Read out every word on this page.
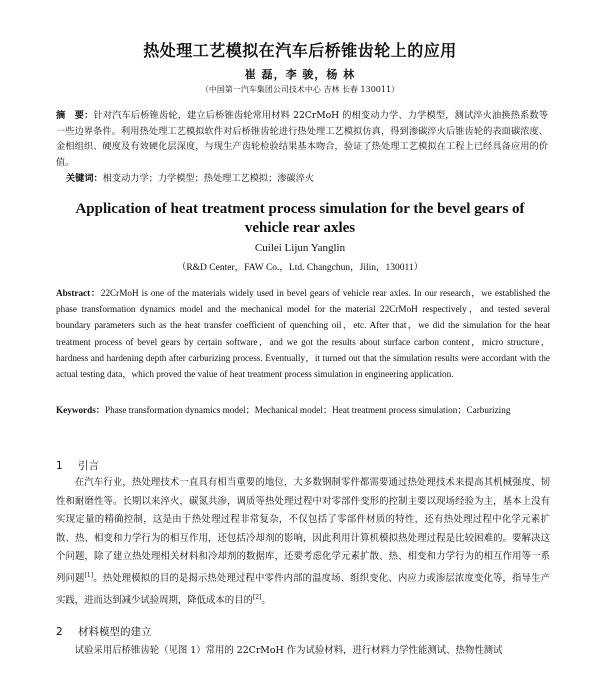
热处理工艺模拟在汽车后桥锥齿轮上的应用
崔 磊，李 骏，杨 林
（中国第一汽车集团公司技术中心 吉林 长春 130011）
摘　要：针对汽车后桥锥齿轮，建立后桥锥齿轮常用材料 22CrMoH 的相变动力学、力学模型，测试淬火油换热系数等一些边界条件。利用热处理工艺模拟软件对后桥锥齿轮进行热处理工艺模拟仿真，得到渗碳淬火后锥齿轮的表面碳浓度、金相组织、硬度及有效硬化层深度，与现生产齿轮检验结果基本吻合，验证了热处理工艺模拟在工程上已经具备应用的价值。
关键词：相变动力学；力学模型；热处理工艺模拟；渗碳淬火
Application of heat treatment process simulation for the bevel gears of vehicle rear axles
Cuilei Lijun Yanglin
（R&D Center，FAW Co.，Ltd. Changchun，Jilin，130011）
Abstract：22CrMoH is one of the materials widely used in bevel gears of vehicle rear axles. In our research，we established the phase transformation dynamics model and the mechanical model for the material 22CrMoH respectively，and tested several boundary parameters such as the heat transfer coefficient of quenching oil，etc. After that，we did the simulation for the heat treatment process of bevel gears by certain software，and we got the results about surface carbon content，micro structure，hardness and hardening depth after carburizing process. Eventually，it turned out that the simulation results were accordant with the actual testing data，which proved the value of heat treatment process simulation in engineering application.
Keywords：Phase transformation dynamics model；Mechanical model；Heat treatment process simulation；Carburizing
1 引言
在汽车行业，热处理技术一直具有相当重要的地位，大多数钢制零件都需要通过热处理技术来提高其机械强度、韧性和耐磨性等。长期以来淬火，碳氮共渗，调质等热处理过程中对零部件变形的控制主要以现场经验为主，基本上没有实现定量的精确控制，这是由于热处理过程非常复杂，不仅包括了零部件材质的特性，还有热处理过程中化学元素扩散、热、相变和力学行为的相互作用，还包括冷却剂的影响，因此利用计算机模拟热处理过程是比较困难的。要解决这个问题，除了建立热处理相关材料和冷却剂的数据库，还要考虑化学元素扩散、热、相变和力学行为的相互作用等一系列问题[1]。热处理模拟的目的是揭示热处理过程中零件内部的温度场、组织变化、内应力或渗层浓度变化等，指导生产实践，进而达到减少试验周期，降低成本的目的[2]。
2 材料模型的建立
试验采用后桥锥齿轮（见图 1）常用的 22CrMoH 作为试验材料，进行材料力学性能测试、热物性测试
